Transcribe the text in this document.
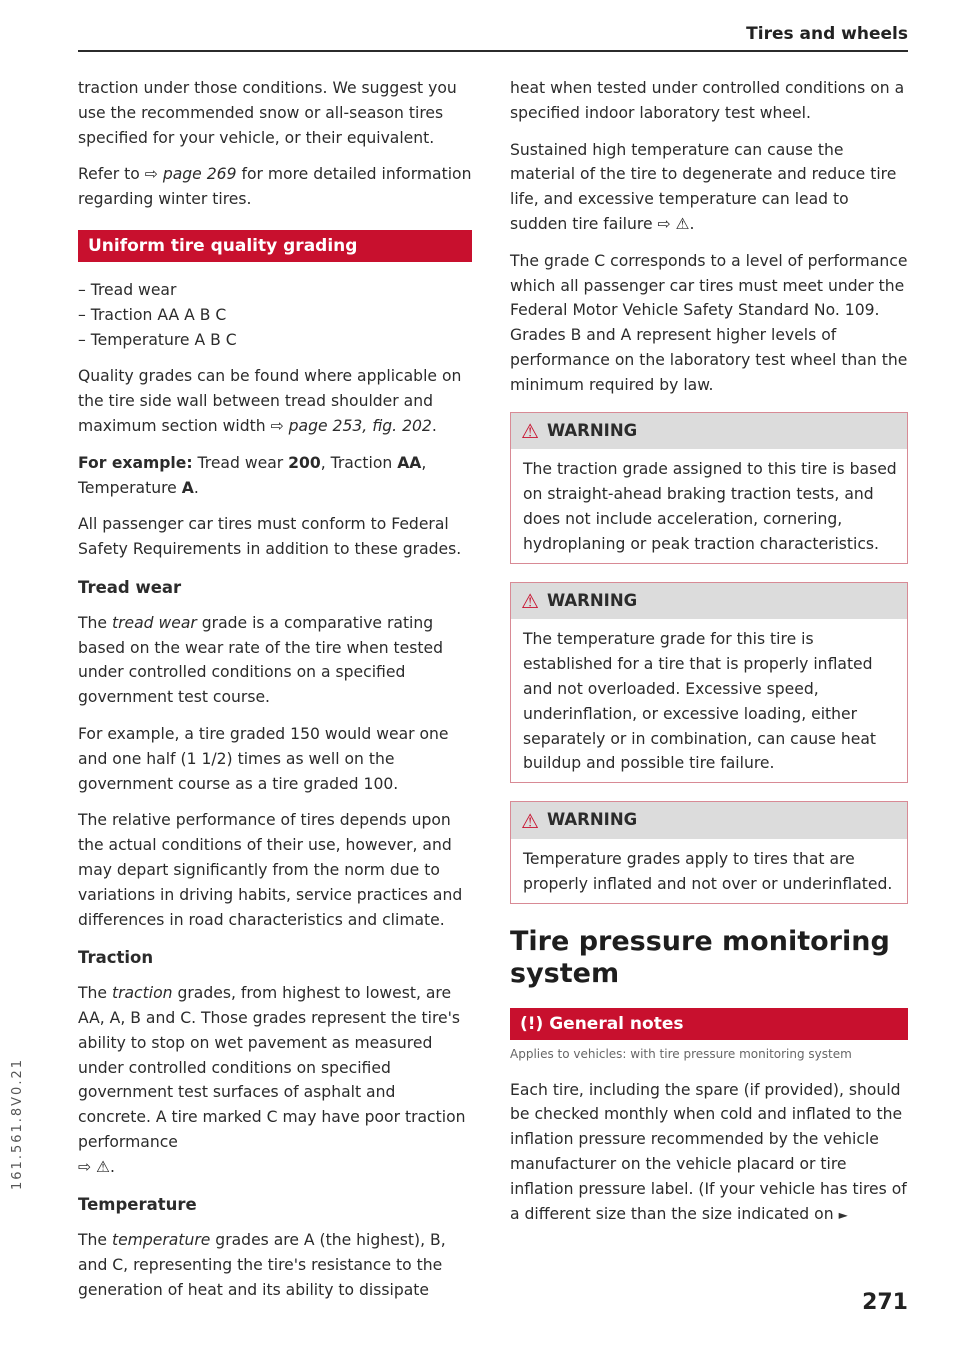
Tires and wheels
161.561.8V0.21

traction under those conditions. We suggest you use the recommended snow or all-season tires specified for your vehicle, or their equivalent.

Refer to ⇨ page 269 for more detailed information regarding winter tires.

Uniform tire quality grading
– Tread wear
– Traction AA A B C
– Temperature A B C

Quality grades can be found where applicable on the tire side wall between tread shoulder and maximum section width ⇨ page 253, fig. 202.

For example: Tread wear 200, Traction AA, Temperature A.

All passenger car tires must conform to Federal Safety Requirements in addition to these grades.

Tread wear

The tread wear grade is a comparative rating based on the wear rate of the tire when tested under controlled conditions on a specified government test course.

For example, a tire graded 150 would wear one and one half (1 1/2) times as well on the government course as a tire graded 100.

The relative performance of tires depends upon the actual conditions of their use, however, and may depart significantly from the norm due to variations in driving habits, service practices and differences in road characteristics and climate.

Traction

The traction grades, from highest to lowest, are AA, A, B and C. Those grades represent the tire's ability to stop on wet pavement as measured under controlled conditions on specified government test surfaces of asphalt and concrete. A tire marked C may have poor traction performance
⇨ ⚠.

Temperature

The temperature grades are A (the highest), B, and C, representing the tire's resistance to the generation of heat and its ability to dissipate

heat when tested under controlled conditions on a specified indoor laboratory test wheel.

Sustained high temperature can cause the material of the tire to degenerate and reduce tire life, and excessive temperature can lead to sudden tire failure ⇨ ⚠.

The grade C corresponds to a level of performance which all passenger car tires must meet under the Federal Motor Vehicle Safety Standard No. 109. Grades B and A represent higher levels of performance on the laboratory test wheel than the minimum required by law.

⚠ WARNING
The traction grade assigned to this tire is based on straight-ahead braking traction tests, and does not include acceleration, cornering, hydroplaning or peak traction characteristics.
⚠ WARNING
The temperature grade for this tire is established for a tire that is properly inflated and not overloaded. Excessive speed, underinflation, or excessive loading, either separately or in combination, can cause heat buildup and possible tire failure.
⚠ WARNING
Temperature grades apply to tires that are properly inflated and not over or underinflated.
Tire pressure monitoring system
(!) General notes
Applies to vehicles: with tire pressure monitoring system

Each tire, including the spare (if provided), should be checked monthly when cold and inflated to the inflation pressure recommended by the vehicle manufacturer on the vehicle placard or tire inflation pressure label. (If your vehicle has tires of a different size than the size indicated on ►

271
